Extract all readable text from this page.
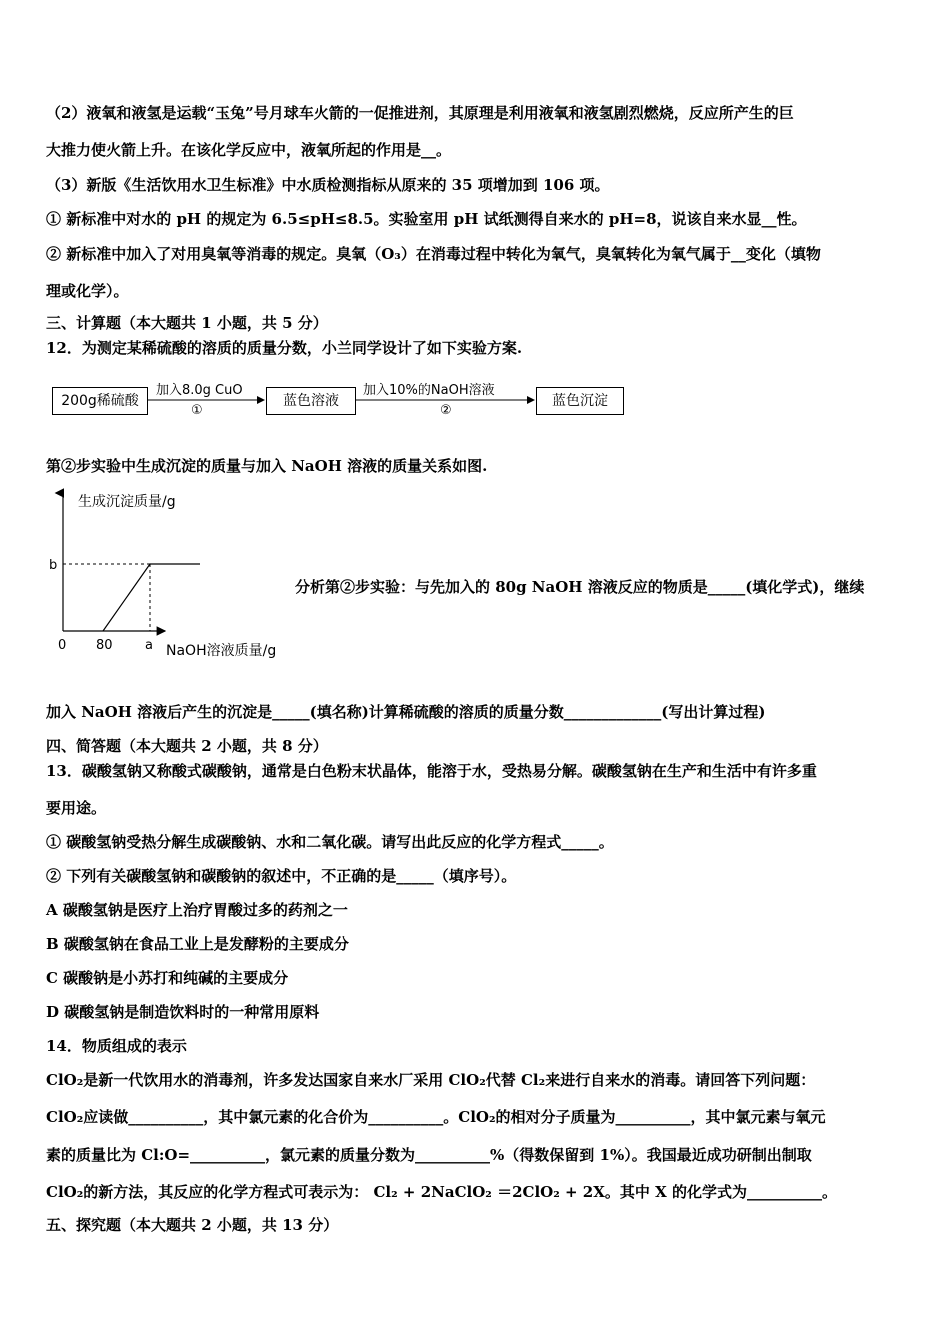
（2）液氧和液氢是运载“玉兔”号月球车火箭的一促推进剂，其原理是利用液氧和液氢剧烈燃烧，反应所产生的巨
大推力使火箭上升。在该化学反应中，液氧所起的作用是__。
（3）新版《生活饮用水卫生标准》中水质检测指标从原来的 35 项增加到 106 项。
① 新标准中对水的 pH 的规定为 6.5≤pH≤8.5。实验室用 pH 试纸测得自来水的 pH=8，说该自来水显__性。
② 新标准中加入了对用臭氧等消毒的规定。臭氧（O₃）在消毒过程中转化为氧气，臭氧转化为氧气属于__变化（填物
理或化学）。
三、计算题（本大题共 1 小题，共 5 分）
12．为测定某稀硫酸的溶质的质量分数，小兰同学设计了如下实验方案.
200g稀硫酸
加入8.0g CuO
①
蓝色溶液
加入10%的NaOH溶液
②
蓝色沉淀
第②步实验中生成沉淀的质量与加入 NaOH 溶液的质量关系如图.
生成沉淀质量/g
NaOH溶液质量/g
b
0 80 a
分析第②步实验：与先加入的 80g NaOH 溶液反应的物质是_____(填化学式)，继续
加入 NaOH 溶液后产生的沉淀是_____(填名称)计算稀硫酸的溶质的质量分数_____________(写出计算过程)
四、简答题（本大题共 2 小题，共 8 分）
13．碳酸氢钠又称酸式碳酸钠，通常是白色粉末状晶体，能溶于水，受热易分解。碳酸氢钠在生产和生活中有许多重
要用途。
① 碳酸氢钠受热分解生成碳酸钠、水和二氧化碳。请写出此反应的化学方程式_____。
② 下列有关碳酸氢钠和碳酸钠的叙述中，不正确的是_____（填序号）。
A 碳酸氢钠是医疗上治疗胃酸过多的药剂之一
B 碳酸氢钠在食品工业上是发酵粉的主要成分
C 碳酸钠是小苏打和纯碱的主要成分
D 碳酸氢钠是制造饮料时的一种常用原料
14．物质组成的表示
ClO₂是新一代饮用水的消毒剂，许多发达国家自来水厂采用 ClO₂代替 Cl₂来进行自来水的消毒。请回答下列问题：
ClO₂应读做__________，其中氯元素的化合价为__________。ClO₂的相对分子质量为__________，其中氯元素与氧元
素的质量比为 Cl:O=__________，氯元素的质量分数为__________%（得数保留到 1%）。我国最近成功研制出制取
ClO₂的新方法，其反应的化学方程式可表示为： Cl₂ + 2NaClO₂ ＝2ClO₂ + 2X。其中 X 的化学式为__________。
五、探究题（本大题共 2 小题，共 13 分）
